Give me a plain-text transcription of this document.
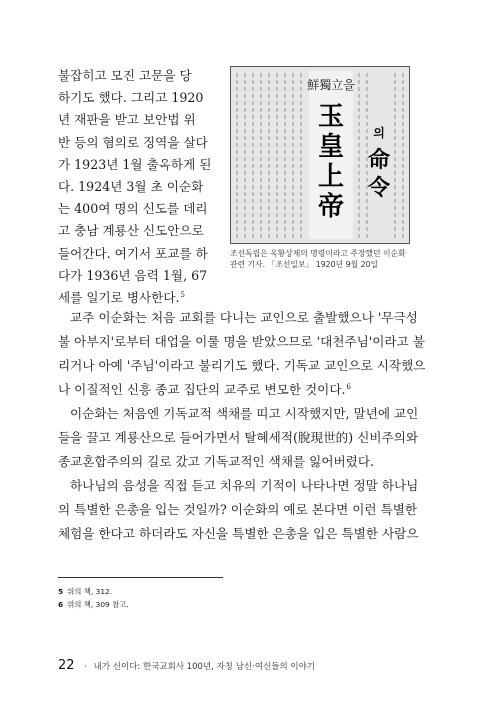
불잡히고 모진 고문을 당
하기도 했다. 그리고 1920
년 재판을 받고 보안법 위
반 등의 혐의로 징역을 살다
가 1923년 1월 출옥하게 된
다. 1924년 3월 초 이순화
는 400여 명의 신도를 데리
고 충남 계룡산 신도안으로
들어간다. 여기서 포교를 하
다가 1936년 음력 1월, 67
세를 일기로 병사한다.$^5$
鮮獨立을
玉
皇
上
帝
의
命
令
조선독립은 옥황상제의 명령이라고 주장했던 이순화
관련 기사. 「조선일보」 1920년 9월 20일
교주 이순화는 처음 교회를 다니는 교인으로 출발했으나 '무극성
불 아부지'로부터 대업을 이룰 명을 받았으므로 '대천주님'이라고 불
리거나 아예 '주님'이라고 불리기도 했다. 기독교 교인으로 시작했으
나 이질적인 신흥 종교 집단의 교주로 변모한 것이다.$^6$
이순화는 처음엔 기독교적 색채를 띠고 시작했지만, 말년에 교인
들을 끌고 계룡산으로 들어가면서 탈혜세적(脫現世的) 신비주의와
종교혼합주의의 길로 갔고 기독교적인 색채를 잃어버렸다.
하나님의 음성을 직접 듣고 치유의 기적이 나타나면 정말 하나님
의 특별한 은총을 입는 것일까? 이순화의 예로 본다면 이런 특별한
체험을 한다고 하더라도 자신을 특별한 은총을 입은 특별한 사람으
5 위의 책, 312.
6 위의 책, 309 참고.
22 · 내가 신이다: 한국교회사 100년, 자칭 남신·여신들의 이야기
